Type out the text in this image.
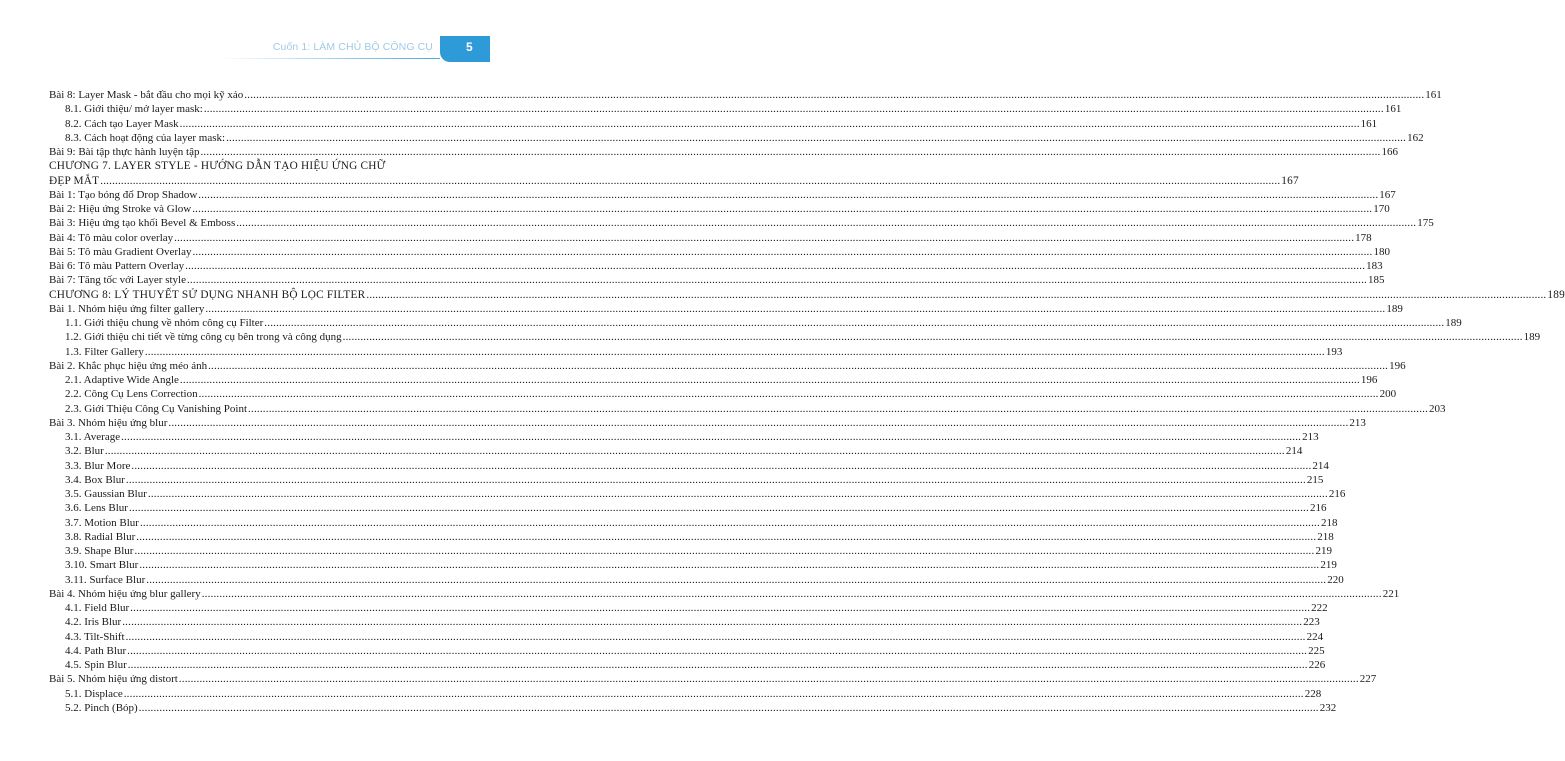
Cuốn 1: LÀM CHỦ BỘ CÔNG CỤ	5
Bài 8: Layer Mask - bắt đầu cho mọi kỹ xảo ................................................................................................................................................................................................................................................................................................................................................................................................................ 161
8.1. Giới thiệu/ mở layer mask: ................................................................................................................................................................................................................................................................................................................................................................................................................ 161
8.2. Cách tạo Layer Mask ................................................................................................................................................................................................................................................................................................................................................................................................................ 161
8.3. Cách hoạt động của layer mask: ................................................................................................................................................................................................................................................................................................................................................................................................................ 162
Bài 9: Bài tập thực hành luyện tập ................................................................................................................................................................................................................................................................................................................................................................................................................ 166
CHƯƠNG 7. LAYER STYLE - HƯỚNG DẪN TẠO HIỆU ỨNG CHỮ
ĐẸP MẮT ................................................................................................................................................................................................................................................................................................................................................................................................................ 167
Bài 1: Tạo bóng đổ Drop Shadow ................................................................................................................................................................................................................................................................................................................................................................................................................ 167
Bài 2: Hiệu ứng Stroke và Glow ................................................................................................................................................................................................................................................................................................................................................................................................................ 170
Bài 3: Hiệu ứng tạo khối Bevel & Emboss ................................................................................................................................................................................................................................................................................................................................................................................................................ 175
Bài 4: Tô màu color overlay ................................................................................................................................................................................................................................................................................................................................................................................................................ 178
Bài 5: Tô màu Gradient Overlay ................................................................................................................................................................................................................................................................................................................................................................................................................ 180
Bài 6: Tô màu Pattern Overlay ................................................................................................................................................................................................................................................................................................................................................................................................................ 183
Bài 7: Tăng tốc với Layer style ................................................................................................................................................................................................................................................................................................................................................................................................................ 185
CHƯƠNG 8: LÝ THUYẾT SỬ DỤNG NHANH BỘ LỌC FILTER ................................................................................................................................................................................................................................................................................................................................................................................................................ 189
Bài 1. Nhóm hiệu ứng filter gallery ................................................................................................................................................................................................................................................................................................................................................................................................................ 189
1.1. Giới thiệu chung về nhóm công cụ Filter ................................................................................................................................................................................................................................................................................................................................................................................................................ 189
1.2. Giới thiệu chi tiết về từng công cụ bên trong và công dụng ................................................................................................................................................................................................................................................................................................................................................................................................................ 189
1.3. Filter Gallery ................................................................................................................................................................................................................................................................................................................................................................................................................ 193
Bài 2. Khắc phục hiệu ứng méo ảnh ................................................................................................................................................................................................................................................................................................................................................................................................................ 196
2.1. Adaptive Wide Angle ................................................................................................................................................................................................................................................................................................................................................................................................................ 196
2.2. Công Cụ Lens Correction ................................................................................................................................................................................................................................................................................................................................................................................................................ 200
2.3. Giới Thiệu Công Cụ Vanishing Point ................................................................................................................................................................................................................................................................................................................................................................................................................ 203
Bài 3. Nhóm hiệu ứng blur ................................................................................................................................................................................................................................................................................................................................................................................................................ 213
3.1. Average ................................................................................................................................................................................................................................................................................................................................................................................................................ 213
3.2. Blur ................................................................................................................................................................................................................................................................................................................................................................................................................ 214
3.3. Blur More ................................................................................................................................................................................................................................................................................................................................................................................................................ 214
3.4. Box Blur ................................................................................................................................................................................................................................................................................................................................................................................................................ 215
3.5. Gaussian Blur ................................................................................................................................................................................................................................................................................................................................................................................................................ 216
3.6. Lens Blur ................................................................................................................................................................................................................................................................................................................................................................................................................ 216
3.7. Motion Blur ................................................................................................................................................................................................................................................................................................................................................................................................................ 218
3.8. Radial Blur ................................................................................................................................................................................................................................................................................................................................................................................................................ 218
3.9. Shape Blur ................................................................................................................................................................................................................................................................................................................................................................................................................ 219
3.10. Smart Blur ................................................................................................................................................................................................................................................................................................................................................................................................................ 219
3.11. Surface Blur ................................................................................................................................................................................................................................................................................................................................................................................................................ 220
Bài 4. Nhóm hiệu ứng blur gallery ................................................................................................................................................................................................................................................................................................................................................................................................................ 221
4.1. Field Blur ................................................................................................................................................................................................................................................................................................................................................................................................................ 222
4.2. Iris Blur ................................................................................................................................................................................................................................................................................................................................................................................................................ 223
4.3. Tilt-Shift ................................................................................................................................................................................................................................................................................................................................................................................................................ 224
4.4. Path Blur ................................................................................................................................................................................................................................................................................................................................................................................................................ 225
4.5. Spin Blur ................................................................................................................................................................................................................................................................................................................................................................................................................ 226
Bài 5. Nhóm hiệu ứng distort ................................................................................................................................................................................................................................................................................................................................................................................................................ 227
5.1. Displace ................................................................................................................................................................................................................................................................................................................................................................................................................ 228
5.2. Pinch (Bóp) ................................................................................................................................................................................................................................................................................................................................................................................................................ 232
